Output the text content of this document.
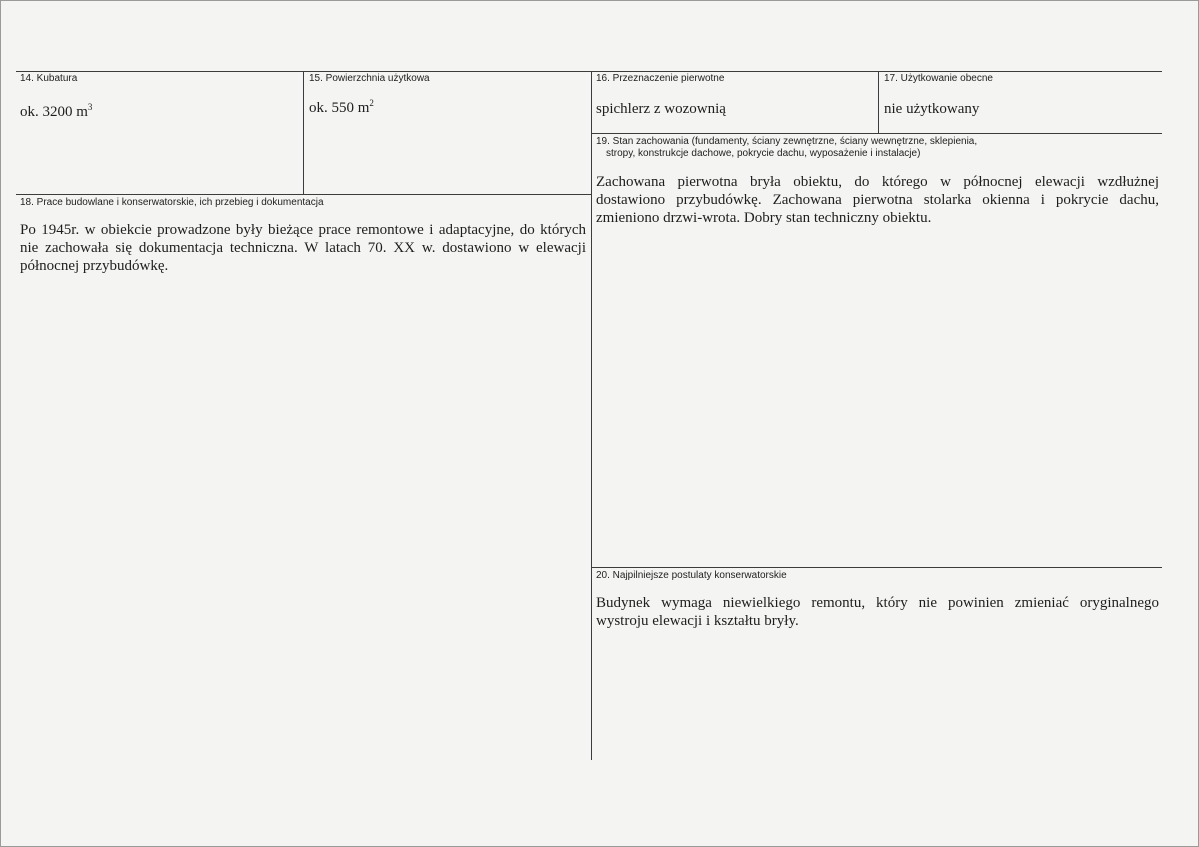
14. Kubatura
ok. 3200 $m^3$
15. Powierzchnia użytkowa
ok. 550 $m^2$
16. Przeznaczenie pierwotne
spichlerz z wozownią
17. Użytkowanie obecne
nie użytkowany
19. Stan zachowania (fundamenty, ściany zewnętrzne, ściany wewnętrzne, sklepienia,
stropy, konstrukcje dachowe, pokrycie dachu, wyposażenie i instalacje)
Zachowana pierwotna bryła obiektu, do którego w północnej elewacji wzdłużnej
dostawiono przybudówkę. Zachowana pierwotna stolarka okienna i pokrycie dachu,
zmieniono drzwi-wrota. Dobry stan techniczny obiektu.
18. Prace budowlane i konserwatorskie, ich przebieg i dokumentacja
Po 1945r. w obiekcie prowadzone były bieżące prace remontowe i adaptacyjne, do których
nie zachowała się dokumentacja techniczna. W latach 70. XX w. dostawiono w elewacji
północnej przybudówkę.
20. Najpilniejsze postulaty konserwatorskie
Budynek wymaga niewielkiego remontu, który nie powinien zmieniać oryginalnego
wystroju elewacji i kształtu bryły.
